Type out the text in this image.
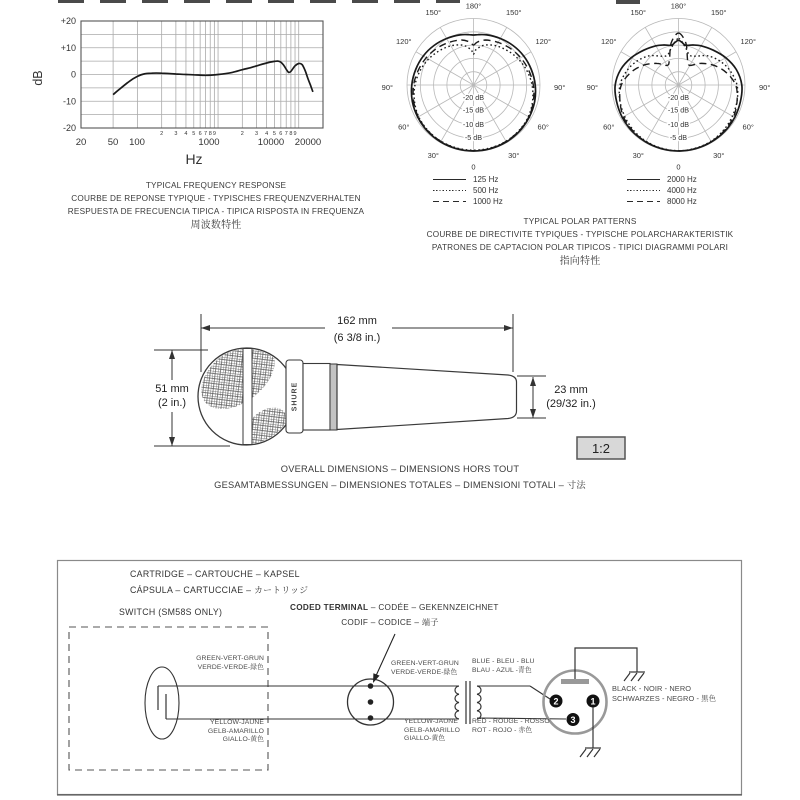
+20
+10
0
-10
-20
20 50 100	1000	10000 20000
2 3 4 5 6 7 8 9	2 3 4 5 6 7 8 9
dB
Hz
TYPICAL FREQUENCY RESPONSE
COURBE DE REPONSE TYPIQUE - TYPISCHES FREQUENZVERHALTEN
RESPUESTA DE FRECUENCIA TIPICA - TIPICA RISPOSTA IN FREQUENZA
周波数特性
180°
150°
150°
120°
120°
90°
90°
60°
60°
30°
30°
0
-20 dB
-15 dB
-10 dB
-5 dB
180°
150°
150°
120°
120°
90°
90°
60°
60°
30°
30°
0
-20 dB
-15 dB
-10 dB
-5 dB
125 Hz
500 Hz
1000 Hz
2000 Hz
4000 Hz
8000 Hz
TYPICAL POLAR PATTERNS
COURBE DE DIRECTIVITE TYPIQUES - TYPISCHE POLARCHARAKTERISTIK
PATRONES DE CAPTACION POLAR TIPICOS - TIPICI DIAGRAMMI POLARI
指向特性
SHURE
162 mm
(6 3/8 in.)
51 mm
(2 in.)
23 mm
(29/32 in.)
1:2
OVERALL DIMENSIONS – DIMENSIONS HORS TOUT
GESAMTABMESSUNGEN – DIMENSIONES TOTALES – DIMENSIONI TOTALI – 寸法
2	1
3
CARTRIDGE – CARTOUCHE – KAPSEL
CÁPSULA – CARTUCCIAE – カートリッジ
SWITCH (SM58S ONLY)	CODED TERMINAL – CODÉE – GEKENNZEICHNET
CODIF – CODICE – 端子
GREEN-VERT-GRUN
VERDE-VERDE-緑色
YELLOW-JAUNE
GELB-AMARILLO
GIALLO-黄色
GREEN-VERT-GRUN
VERDE-VERDE-緑色
YELLOW-JAUNE
GELB-AMARILLO
GIALLO-黄色
BLUE - BLEU - BLU
BLAU - AZUL -青色
RED - ROUGE - ROSSO
ROT - ROJO - 赤色
BLACK - NOIR - NERO
SCHWARZES - NEGRO - 黒色
